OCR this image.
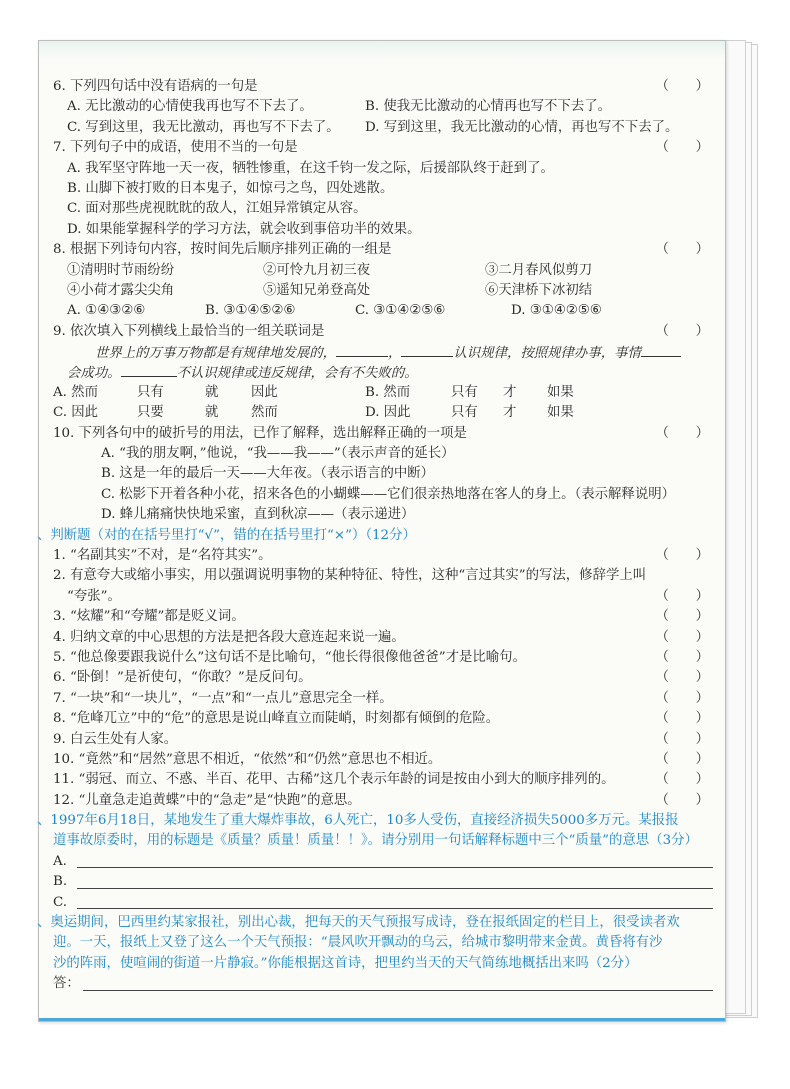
6. 下列四句话中没有语病的一句是	（　　）
A. 无比激动的心情使我再也写不下去了。	B. 使我无比激动的心情再也写不下去了。
C. 写到这里，我无比激动，再也写不下去了。 D. 写到这里，我无比激动的心情，再也写不下去了。
7. 下列句子中的成语，使用不当的一句是	（　　）
A. 我军坚守阵地一天一夜，牺牲惨重，在这千钧一发之际，后援部队终于赶到了。
B. 山脚下被打败的日本鬼子，如惊弓之鸟，四处逃散。
C. 面对那些虎视眈眈的敌人，江姐异常镇定从容。
D. 如果能掌握科学的学习方法，就会收到事倍功半的效果。
8. 根据下列诗句内容，按时间先后顺序排列正确的一组是	（　　）
①清明时节雨纷纷	②可怜九月初三夜	③二月春风似剪刀
④小荷才露尖尖角	⑤遥知兄弟登高处	⑥天津桥下冰初结
A. ①④③②⑥	B. ③①④⑤②⑥	C. ③①④②⑤⑥	D. ③①④②⑤⑥
9. 依次填入下列横线上最恰当的一组关联词是	（　　）
世界上的万事万物都是有规律地发展的，	，	认识规律，按照规律办事，事情
会成功。	不认识规律或违反规律，会有不失败的。
A. 然而	只有	就 因此	B. 然而	只有 才 如果
C. 因此	只要	就 然而	D. 因此	只有 才 如果
10. 下列各句中的破折号的用法，已作了解释，选出解释正确的一项是	（　　）
A. “我的朋友啊，”他说，“我——我——”（表示声音的延长）
B. 这是一年的最后一天——大年夜。（表示语言的中断）
C. 松影下开着各种小花，招来各色的小蝴蝶——它们很亲热地落在客人的身上。（表示解释说明）
D. 蜂儿痛痛快快地采蜜，直到秋凉——（表示递进）
、判断题（对的在括号里打“√”，错的在括号里打“×”）（12分）
1. “名副其实”不对，是“名符其实”。	（　　）
2. 有意夸大或缩小事实，用以强调说明事物的某种特征、特性，这种“言过其实”的写法，修辞学上叫
“夸张”。	（　　）
3. “炫耀”和“夸耀”都是贬义词。	（　　）
4. 归纳文章的中心思想的方法是把各段大意连起来说一遍。	（　　）
5. “他总像要跟我说什么”这句话不是比喻句，“他长得很像他爸爸”才是比喻句。	（　　）
6. “卧倒！”是祈使句，“你敢？”是反问句。	（　　）
7. “一块”和“一块儿”，“一点”和“一点儿”意思完全一样。	（　　）
8. “危峰兀立”中的“危”的意思是说山峰直立而陡峭，时刻都有倾倒的危险。	（　　）
9. 白云生处有人家。	（　　）
10. “竟然”和“居然”意思不相近，“依然”和“仍然”意思也不相近。	（　　）
11. “弱冠、而立、不惑、半百、花甲、古稀”这几个表示年龄的词是按由小到大的顺序排列的。	（　　）
12. “儿童急走追黄蝶”中的“急走”是“快跑”的意思。	（　　）
、1997年6月18日，某地发生了重大爆炸事故，6人死亡，10多人受伤，直接经济损失5000多万元。某报报
道事故原委时，用的标题是《质量？质量！质量！！》。请分别用一句话解释标题中三个“质量”的意思（3分）
A.
B.
C.
、奥运期间，巴西里约某家报社，别出心裁，把每天的天气预报写成诗，登在报纸固定的栏目上，很受读者欢
迎。一天，报纸上又登了这么一个天气预报：“晨风吹开飘动的乌云，给城市黎明带来金黄。黄昏将有沙
沙的阵雨，使喧闹的街道一片静寂。”你能根据这首诗，把里约当天的天气简练地概括出来吗（2分）
答：
